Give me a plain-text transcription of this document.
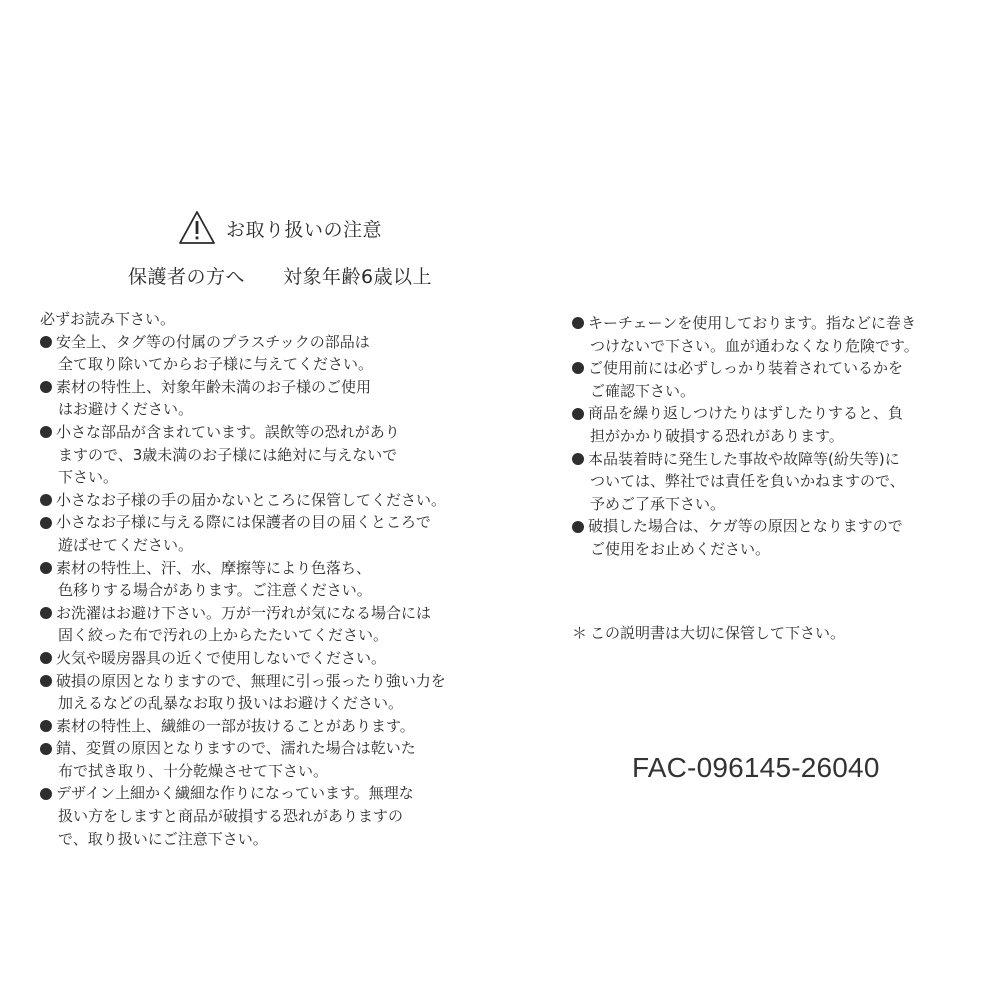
お取り扱いの注意
保護者の方へ 対象年齢6歳以上
必ずお読み下さい。
安全上、タグ等の付属のプラスチックの部品は
全て取り除いてからお子様に与えてください。
素材の特性上、対象年齢未満のお子様のご使用
はお避けください。
小さな部品が含まれています。誤飲等の恐れがあり
ますので、3歳未満のお子様には絶対に与えないで
下さい。
小さなお子様の手の届かないところに保管してください。
小さなお子様に与える際には保護者の目の届くところで
遊ばせてください。
素材の特性上、汗、水、摩擦等により色落ち、
色移りする場合があります。ご注意ください。
お洗濯はお避け下さい。万が一汚れが気になる場合には
固く絞った布で汚れの上からたたいてください。
火気や暖房器具の近くで使用しないでください。
破損の原因となりますので、無理に引っ張ったり強い力を
加えるなどの乱暴なお取り扱いはお避けください。
素材の特性上、繊維の一部が抜けることがあります。
錆、変質の原因となりますので、濡れた場合は乾いた
布で拭き取り、十分乾燥させて下さい。
デザイン上細かく繊細な作りになっています。無理な
扱い方をしますと商品が破損する恐れがありますの
で、取り扱いにご注意下さい。
キーチェーンを使用しております。指などに巻き
つけないで下さい。血が通わなくなり危険です。
ご使用前には必ずしっかり装着されているかを
ご確認下さい。
商品を繰り返しつけたりはずしたりすると、負
担がかかり破損する恐れがあります。
本品装着時に発生した事故や故障等(紛失等)に
ついては、弊社では責任を負いかねますので、
予めご了承下さい。
破損した場合は、ケガ等の原因となりますので
ご使用をお止めください。
＊ この説明書は大切に保管して下さい。
FAC-096145-26040
